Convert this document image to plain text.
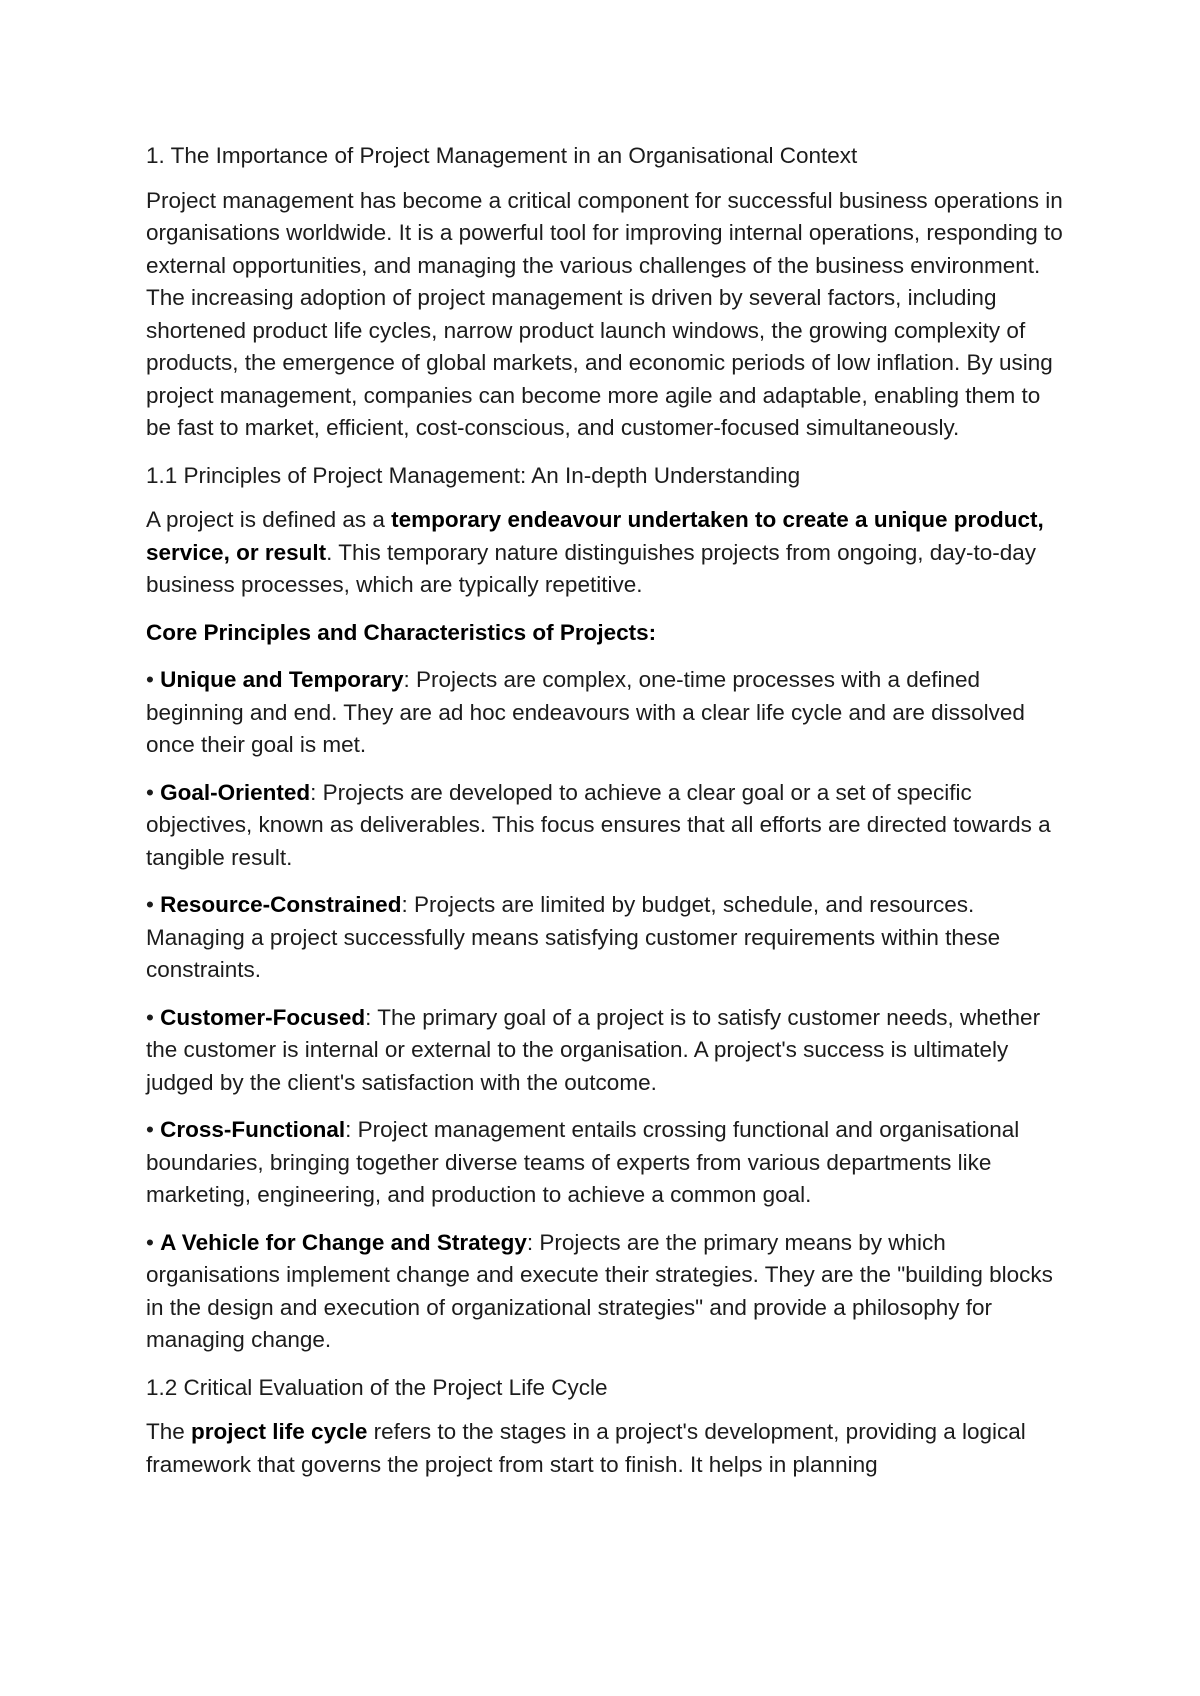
1. The Importance of Project Management in an Organisational Context

Project management has become a critical component for successful business operations in organisations worldwide. It is a powerful tool for improving internal operations, responding to external opportunities, and managing the various challenges of the business environment. The increasing adoption of project management is driven by several factors, including shortened product life cycles, narrow product launch windows, the growing complexity of products, the emergence of global markets, and economic periods of low inflation. By using project management, companies can become more agile and adaptable, enabling them to be fast to market, efficient, cost-conscious, and customer-focused simultaneously.

1.1 Principles of Project Management: An In-depth Understanding

A project is defined as a temporary endeavour undertaken to create a unique product, service, or result. This temporary nature distinguishes projects from ongoing, day-to-day business processes, which are typically repetitive.

Core Principles and Characteristics of Projects:

• Unique and Temporary: Projects are complex, one-time processes with a defined beginning and end. They are ad hoc endeavours with a clear life cycle and are dissolved once their goal is met.

• Goal-Oriented: Projects are developed to achieve a clear goal or a set of specific objectives, known as deliverables. This focus ensures that all efforts are directed towards a tangible result.

• Resource-Constrained: Projects are limited by budget, schedule, and resources. Managing a project successfully means satisfying customer requirements within these constraints.

• Customer-Focused: The primary goal of a project is to satisfy customer needs, whether the customer is internal or external to the organisation. A project's success is ultimately judged by the client's satisfaction with the outcome.

• Cross-Functional: Project management entails crossing functional and organisational boundaries, bringing together diverse teams of experts from various departments like marketing, engineering, and production to achieve a common goal.

• A Vehicle for Change and Strategy: Projects are the primary means by which organisations implement change and execute their strategies. They are the "building blocks in the design and execution of organizational strategies" and provide a philosophy for managing change.

1.2 Critical Evaluation of the Project Life Cycle

The project life cycle refers to the stages in a project's development, providing a logical framework that governs the project from start to finish. It helps in planning
